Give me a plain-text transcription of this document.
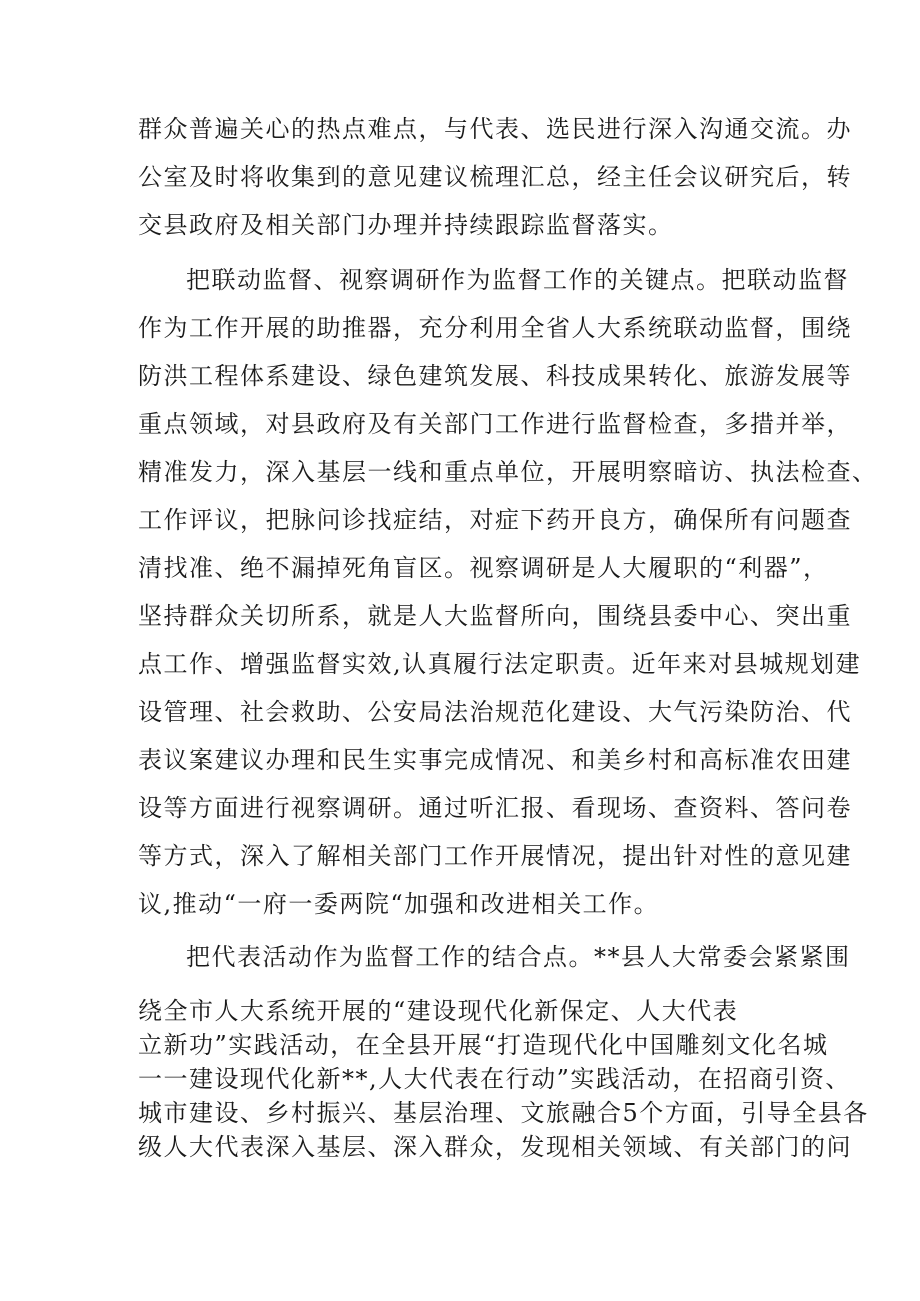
群众普遍关心的热点难点，与代表、选民进行深入沟通交流。办
公室及时将收集到的意见建议梳理汇总，经主任会议研究后，转
交县政府及相关部门办理并持续跟踪监督落实。
把联动监督、视察调研作为监督工作的关键点。把联动监督
作为工作开展的助推器，充分利用全省人大系统联动监督，围绕
防洪工程体系建设、绿色建筑发展、科技成果转化、旅游发展等
重点领域，对县政府及有关部门工作进行监督检查，多措并举，
精准发力，深入基层一线和重点单位，开展明察暗访、执法检查、
工作评议，把脉问诊找症结，对症下药开良方，确保所有问题查
清找准、绝不漏掉死角盲区。视察调研是人大履职的“利器”，
坚持群众关切所系，就是人大监督所向，围绕县委中心、突出重
点工作、增强监督实效,认真履行法定职责。近年来对县城规划建
设管理、社会救助、公安局法治规范化建设、大气污染防治、代
表议案建议办理和民生实事完成情况、和美乡村和高标准农田建
设等方面进行视察调研。通过听汇报、看现场、查资料、答问卷
等方式，深入了解相关部门工作开展情况，提出针对性的意见建
议,推动“一府一委两院“加强和改进相关工作。
把代表活动作为监督工作的结合点。**县人大常委会紧紧围
绕全市人大系统开展的“建设现代化新保定、人大代表
立新功”实践活动，在全县开展“打造现代化中国雕刻文化名城
一一建设现代化新**,人大代表在行动”实践活动，在招商引资、
城市建设、乡村振兴、基层治理、文旅融合5个方面，引导全县各
级人大代表深入基层、深入群众，发现相关领域、有关部门的问
